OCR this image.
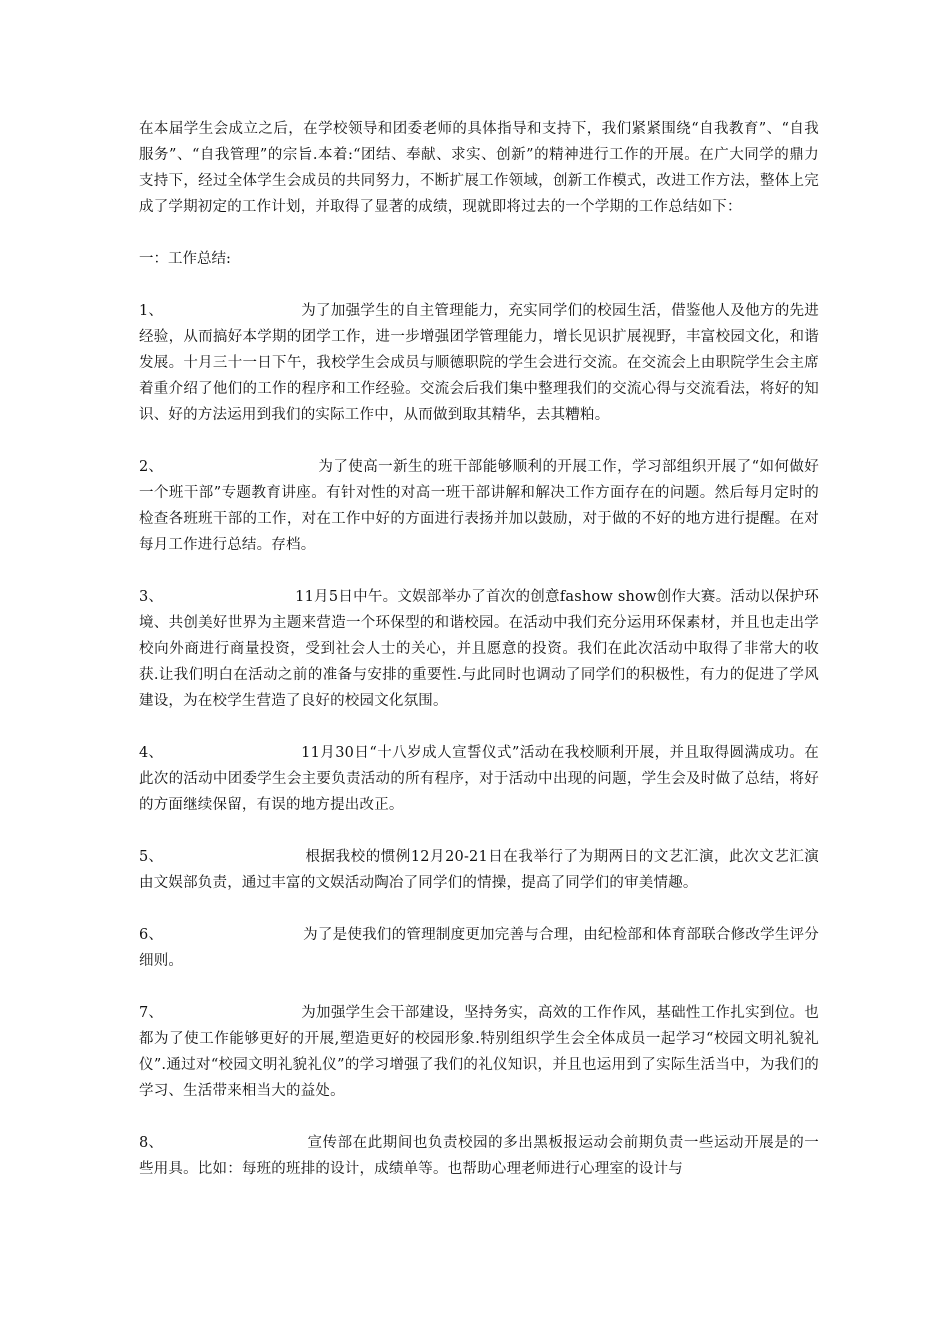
在本届学生会成立之后，在学校领导和团委老师的具体指导和支持下，我们紧紧围绕“自我教育”、“自我服务”、“自我管理”的宗旨.本着:“团结、奉献、求实、创新”的精神进行工作的开展。在广大同学的鼎力支持下，经过全体学生会成员的共同努力，不断扩展工作领域，创新工作模式，改进工作方法，整体上完成了学期初定的工作计划，并取得了显著的成绩，现就即将过去的一个学期的工作总结如下：

一：工作总结:

1、	为了加强学生的自主管理能力，充实同学们的校园生活，借鉴他人及他方的先进经验，从而搞好本学期的团学工作，进一步增强团学管理能力，增长见识扩展视野，丰富校园文化，和谐发展。十月三十一日下午，我校学生会成员与顺德职院的学生会进行交流。在交流会上由职院学生会主席着重介绍了他们的工作的程序和工作经验。交流会后我们集中整理我们的交流心得与交流看法，将好的知识、好的方法运用到我们的实际工作中，从而做到取其精华，去其糟粕。

2、	为了使高一新生的班干部能够顺利的开展工作，学习部组织开展了“如何做好一个班干部”专题教育讲座。有针对性的对高一班干部讲解和解决工作方面存在的问题。然后每月定时的检查各班班干部的工作，对在工作中好的方面进行表扬并加以鼓励，对于做的不好的地方进行提醒。在对每月工作进行总结。存档。

3、	11月5日中午。文娱部举办了首次的创意fashow show创作大赛。活动以保护环境、共创美好世界为主题来营造一个环保型的和谐校园。在活动中我们充分运用环保素材，并且也走出学校向外商进行商量投资，受到社会人士的关心，并且愿意的投资。我们在此次活动中取得了非常大的收获.让我们明白在活动之前的准备与安排的重要性.与此同时也调动了同学们的积极性，有力的促进了学风建设，为在校学生营造了良好的校园文化氛围。

4、	11月30日“十八岁成人宣誓仪式”活动在我校顺利开展，并且取得圆满成功。在此次的活动中团委学生会主要负责活动的所有程序，对于活动中出现的问题，学生会及时做了总结，将好的方面继续保留，有误的地方提出改正。

5、	根据我校的惯例12月20-21日在我举行了为期两日的文艺汇演，此次文艺汇演由文娱部负责，通过丰富的文娱活动陶冶了同学们的情操，提高了同学们的审美情趣。

6、	为了是使我们的管理制度更加完善与合理，由纪检部和体育部联合修改学生评分细则。

7、	为加强学生会干部建设，坚持务实，高效的工作作风，基础性工作扎实到位。也都为了使工作能够更好的开展,塑造更好的校园形象.特别组织学生会全体成员一起学习“校园文明礼貌礼仪”.通过对“校园文明礼貌礼仪”的学习增强了我们的礼仪知识，并且也运用到了实际生活当中，为我们的学习、生活带来相当大的益处。

8、	宣传部在此期间也负责校园的多出黑板报运动会前期负责一些运动开展是的一些用具。比如：每班的班排的设计，成绩单等。也帮助心理老师进行心理室的设计与
